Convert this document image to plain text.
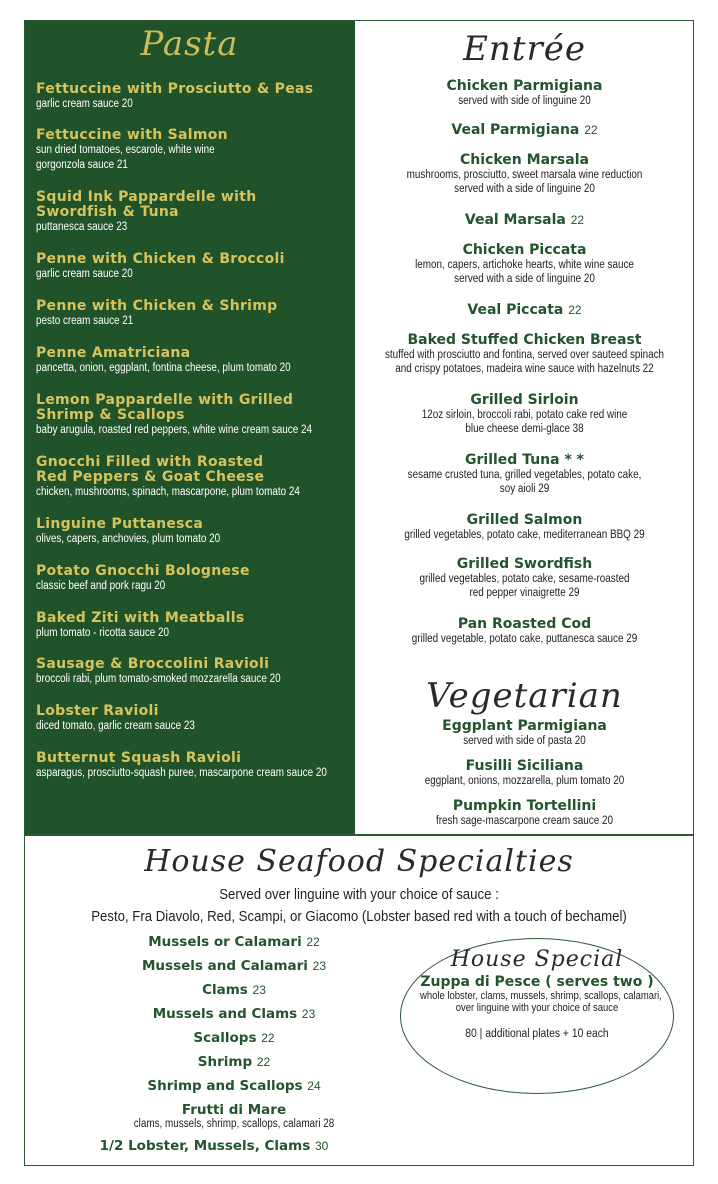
Pasta
Fettuccine with Prosciutto & Peas
garlic cream sauce 20
Fettuccine with Salmon
sun dried tomatoes, escarole, white wine
gorgonzola sauce 21
Squid Ink Pappardelle with
Swordfish & Tuna
puttanesca sauce 23
Penne with Chicken & Broccoli
garlic cream sauce 20
Penne with Chicken & Shrimp
pesto cream sauce 21
Penne Amatriciana
pancetta, onion, eggplant, fontina cheese, plum tomato 20
Lemon Pappardelle with Grilled
Shrimp & Scallops
baby arugula, roasted red peppers, white wine cream sauce 24
Gnocchi Filled with Roasted
Red Peppers & Goat Cheese
chicken, mushrooms, spinach, mascarpone, plum tomato 24
Linguine Puttanesca
olives, capers, anchovies, plum tomato 20
Potato Gnocchi Bolognese
classic beef and pork ragu 20
Baked Ziti with Meatballs
plum tomato - ricotta sauce 20
Sausage & Broccolini Ravioli
broccoli rabi, plum tomato-smoked mozzarella sauce 20
Lobster Ravioli
diced tomato, garlic cream sauce 23
Butternut Squash Ravioli
asparagus, prosciutto-squash puree, mascarpone cream sauce 20
Entrée
Chicken Parmigiana
served with side of linguine 20
Veal Parmigiana 22
Chicken Marsala
mushrooms, prosciutto, sweet marsala wine reduction
served with a side of linguine 20
Veal Marsala 22
Chicken Piccata
lemon, capers, artichoke hearts, white wine sauce
served with a side of linguine 20
Veal Piccata 22
Baked Stuffed Chicken Breast
stuffed with prosciutto and fontina, served over sauteed spinach
and crispy potatoes, madeira wine sauce with hazelnuts 22
Grilled Sirloin
12oz sirloin, broccoli rabi, potato cake red wine
blue cheese demi-glace 38
Grilled Tuna * *
sesame crusted tuna, grilled vegetables, potato cake,
soy aioli 29
Grilled Salmon
grilled vegetables, potato cake, mediterranean BBQ 29
Grilled Swordfish
grilled vegetables, potato cake, sesame-roasted
red pepper vinaigrette 29
Pan Roasted Cod
grilled vegetable, potato cake, puttanesca sauce 29
Vegetarian
Eggplant Parmigiana
served with side of pasta 20
Fusilli Siciliana
eggplant, onions, mozzarella, plum tomato 20
Pumpkin Tortellini
fresh sage-mascarpone cream sauce 20
House Seafood Specialties
Served over linguine with your choice of sauce :
Pesto, Fra Diavolo, Red, Scampi, or Giacomo (Lobster based red with a touch of bechamel)
Mussels or Calamari 22
Mussels and Calamari 23
Clams 23
Mussels and Clams 23
Scallops 22
Shrimp 22
Shrimp and Scallops 24
Frutti di Mare
clams, mussels, shrimp, scallops, calamari 28
1/2 Lobster, Mussels, Clams 30
House Special
Zuppa di Pesce ( serves two )
whole lobster, clams, mussels, shrimp, scallops, calamari,
over linguine with your choice of sauce
80 | additional plates + 10 each
